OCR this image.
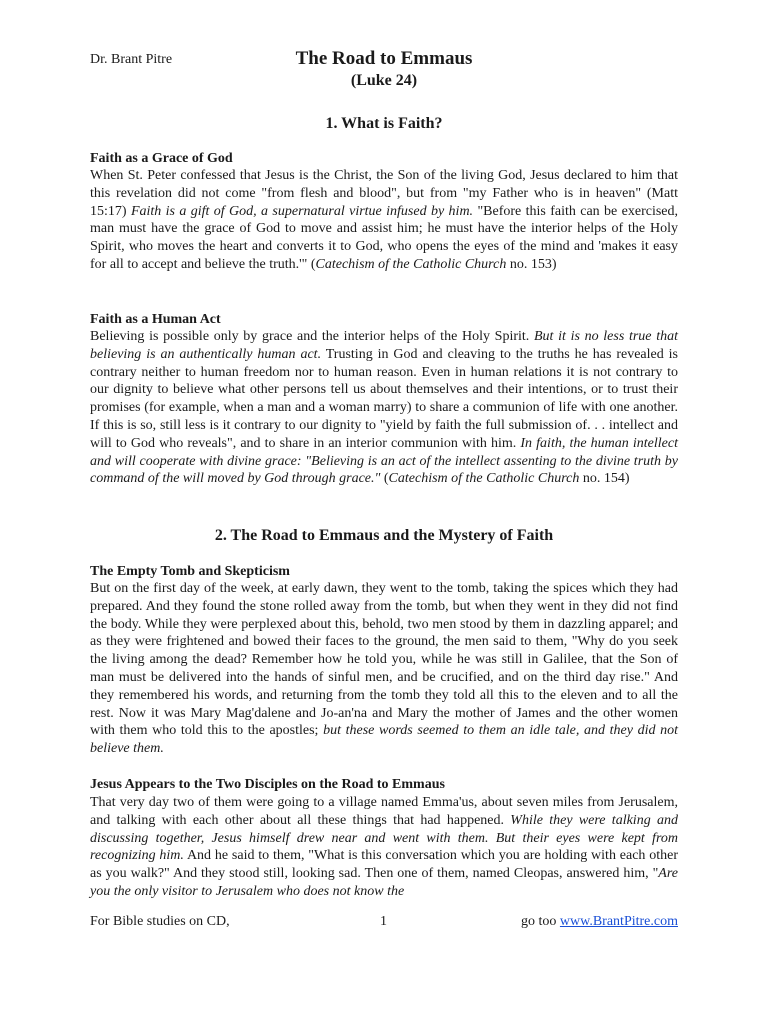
Dr. Brant Pitre	The Road to Emmaus
(Luke 24)
1. What is Faith?
Faith as a Grace of God

When St. Peter confessed that Jesus is the Christ, the Son of the living God, Jesus declared to him that this revelation did not come "from flesh and blood", but from "my Father who is in heaven" (Matt 15:17) Faith is a gift of God, a supernatural virtue infused by him. "Before this faith can be exercised, man must have the grace of God to move and assist him; he must have the interior helps of the Holy Spirit, who moves the heart and converts it to God, who opens the eyes of the mind and 'makes it easy for all to accept and believe the truth.'" (Catechism of the Catholic Church no. 153)

Faith as a Human Act

Believing is possible only by grace and the interior helps of the Holy Spirit. But it is no less true that believing is an authentically human act. Trusting in God and cleaving to the truths he has revealed is contrary neither to human freedom nor to human reason. Even in human relations it is not contrary to our dignity to believe what other persons tell us about themselves and their intentions, or to trust their promises (for example, when a man and a woman marry) to share a communion of life with one another. If this is so, still less is it contrary to our dignity to "yield by faith the full submission of. . . intellect and will to God who reveals", and to share in an interior communion with him. In faith, the human intellect and will cooperate with divine grace: "Believing is an act of the intellect assenting to the divine truth by command of the will moved by God through grace." (Catechism of the Catholic Church no. 154)

2. The Road to Emmaus and the Mystery of Faith
The Empty Tomb and Skepticism

But on the first day of the week, at early dawn, they went to the tomb, taking the spices which they had prepared. And they found the stone rolled away from the tomb, but when they went in they did not find the body. While they were perplexed about this, behold, two men stood by them in dazzling apparel; and as they were frightened and bowed their faces to the ground, the men said to them, "Why do you seek the living among the dead? Remember how he told you, while he was still in Galilee, that the Son of man must be delivered into the hands of sinful men, and be crucified, and on the third day rise." And they remembered his words, and returning from the tomb they told all this to the eleven and to all the rest. Now it was Mary Mag'dalene and Jo-an'na and Mary the mother of James and the other women with them who told this to the apostles; but these words seemed to them an idle tale, and they did not believe them.

Jesus Appears to the Two Disciples on the Road to Emmaus

That very day two of them were going to a village named Emma'us, about seven miles from Jerusalem, and talking with each other about all these things that had happened. While they were talking and discussing together, Jesus himself drew near and went with them. But their eyes were kept from recognizing him. And he said to them, "What is this conversation which you are holding with each other as you walk?" And they stood still, looking sad. Then one of them, named Cleopas, answered him, "Are you the only visitor to Jerusalem who does not know the

For Bible studies on CD,	1	go too www.BrantPitre.com
